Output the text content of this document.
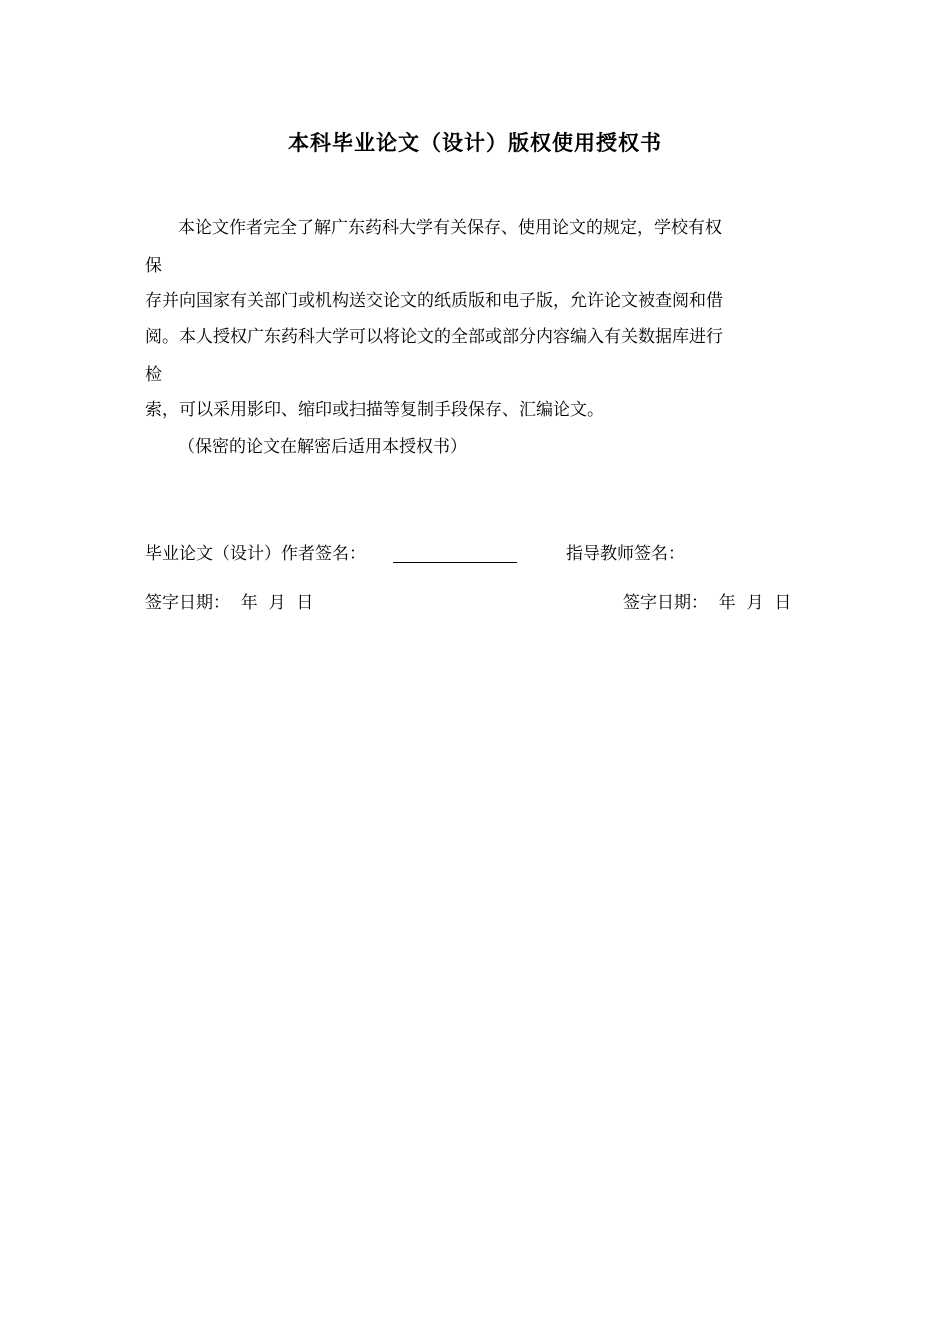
本科毕业论文（设计）版权使用授权书
本论文作者完全了解广东药科大学有关保存、使用论文的规定，学校有权
保
存并向国家有关部门或机构送交论文的纸质版和电子版，允许论文被查阅和借
阅。本人授权广东药科大学可以将论文的全部或部分内容编入有关数据库进行
检
索，可以采用影印、缩印或扫描等复制手段保存、汇编论文。
（保密的论文在解密后适用本授权书）
毕业论文（设计）作者签名：	指导教师签名：
签字日期：  年  月  日	签字日期：  年  月  日
